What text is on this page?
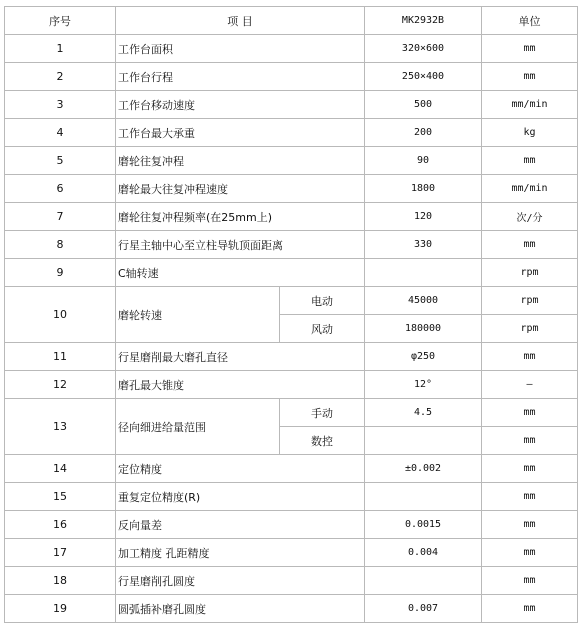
序号	项 目		MK2932B	单位
1	工作台面积		320×600	mm
2	工作台行程		250×400	mm
3	工作台移动速度		500	mm/min
4	工作台最大承重		200	kg
5	磨轮往复冲程		90	mm
6	磨轮最大往复冲程速度		1800	mm/min
7	磨轮往复冲程频率(在25mm上)		120	次/分
8	行星主轴中心至立柱导轨顶面距离		330	mm
9	C轴转速			rpm
10	磨轮转速	电动	45000	rpm
		风动	180000	rpm
11	行星磨削最大磨孔直径		φ250	mm
12	磨孔最大锥度		12°	—
13	径向细进给量范围	手动	4.5	mm
		数控		mm
14	定位精度		±0.002	mm
15	重复定位精度(R)			mm
16	反向量差		0.0015	mm
17	加工精度 孔距精度		0.004	mm
18	行星磨削孔圆度			mm
19	圆弧插补磨孔圆度		0.007	mm
